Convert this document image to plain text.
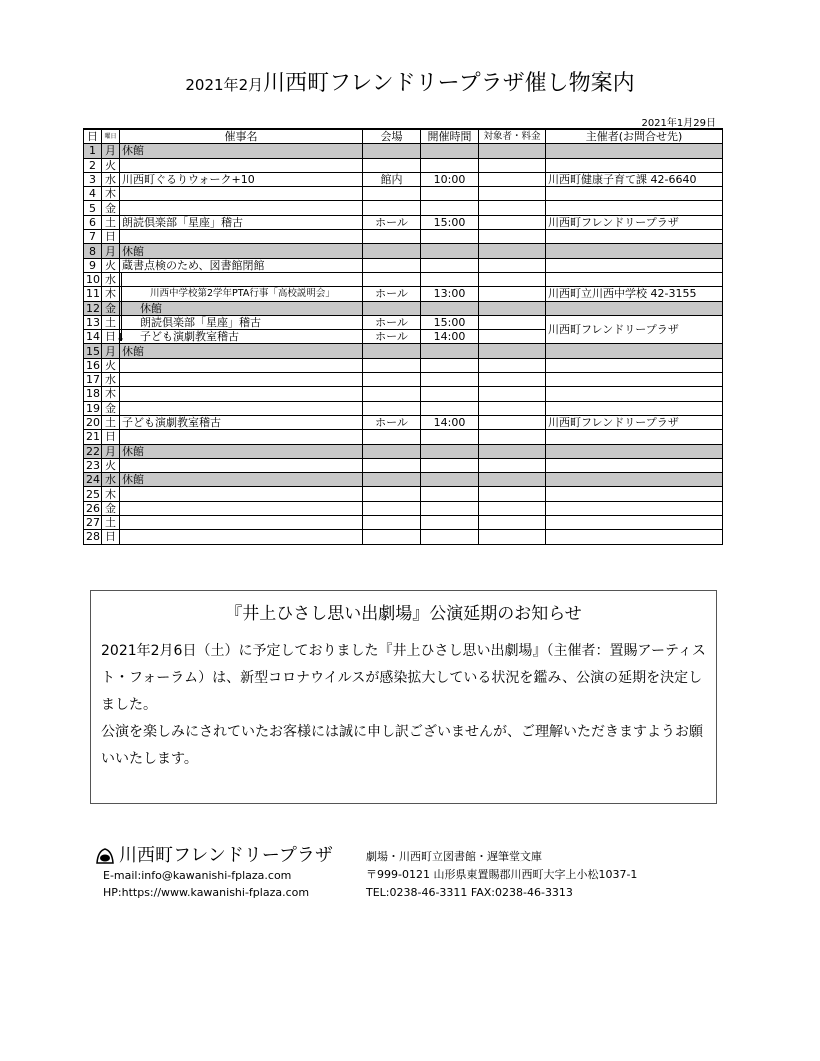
2021年2月川西町フレンドリープラザ催し物案内
2021年1月29日
日	曜日	催事名	会場	開催時間	対象者・料金	主催者(お問合せ先)
1	月	休館				
2	火					
3	水	川西町ぐるりウォーク+10	館内	10:00		川西町健康子育て課 42-6640
4	木					
5	金					
6	土	朗読倶楽部「星座」稽古	ホール	15:00		川西町フレンドリープラザ
7	日					
8	月	休館				
9	火	蔵書点検のため、図書館閉館				
10	水					
11	木	川西中学校第2学年PTA行事「高校説明会」	ホール	13:00		川西町立川西中学校 42-3155
12	金	休館				
13	土	朗読倶楽部「星座」稽古	ホール	15:00		川西町フレンドリープラザ
14	日	子ども演劇教室稽古	ホール	14:00		
15	月	休館				
16	火					
17	水					
18	木					
19	金					
20	土	子ども演劇教室稽古	ホール	14:00		川西町フレンドリープラザ
21	日					
22	月	休館				
23	火					
24	水	休館				
25	木					
26	金					
27	土					
28	日					
↓
『井上ひさし思い出劇場』公演延期のお知らせ

2021年2月6日（土）に予定しておりました『井上ひさし思い出劇場』（主催者：置賜アーティスト・フォーラム）は、新型コロナウイルスが感染拡大している状況を鑑み、公演の延期を決定しました。

公演を楽しみにされていたお客様には誠に申し訳ございませんが、ご理解いただきますようお願いいたします。

川西町フレンドリープラザ
E-mail:info@kawanishi-fplaza.com
HP:https://www.kawanishi-fplaza.com
劇場・川西町立図書館・遅筆堂文庫
〒999-0121 山形県東置賜郡川西町大字上小松1037-1
TEL:0238-46-3311 FAX:0238-46-3313
